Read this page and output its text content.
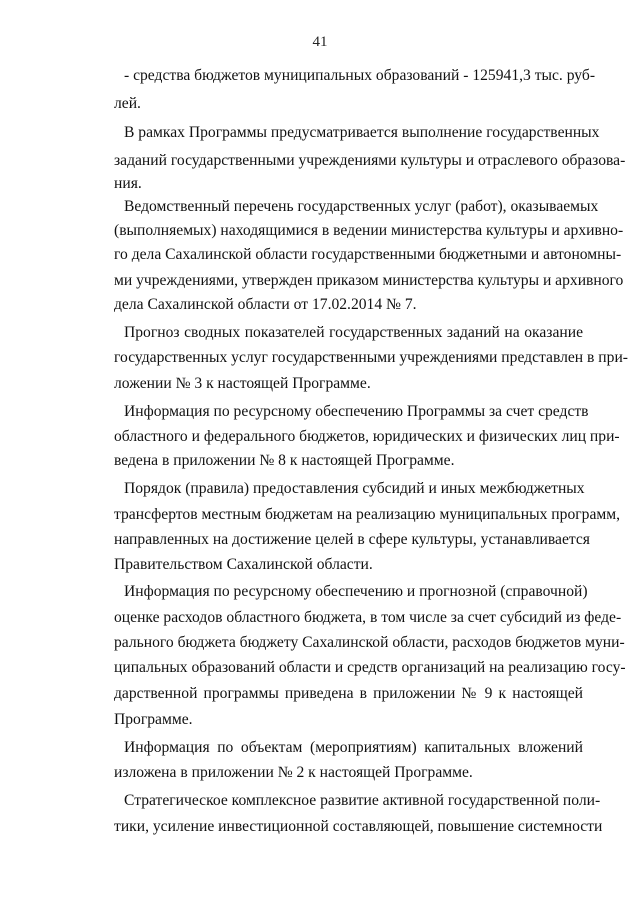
41
- средства бюджетов муниципальных образований - 125941,3 тыс. руб-
лей.
В рамках Программы предусматривается выполнение государственных
заданий государственными учреждениями культуры и отраслевого образова-
ния.
Ведомственный перечень государственных услуг (работ), оказываемых
(выполняемых) находящимися в ведении министерства культуры и архивно-
го дела Сахалинской области государственными бюджетными и автономны-
ми учреждениями, утвержден приказом министерства культуры и архивного
дела Сахалинской области от 17.02.2014 № 7.
Прогноз сводных показателей государственных заданий на оказание
государственных услуг государственными учреждениями представлен в при-
ложении № 3 к настоящей Программе.
Информация по ресурсному обеспечению Программы за счет средств
областного и федерального бюджетов, юридических и физических лиц при-
ведена в приложении № 8 к настоящей Программе.
Порядок (правила) предоставления субсидий и иных межбюджетных
трансфертов местным бюджетам на реализацию муниципальных программ,
направленных на достижение целей в сфере культуры, устанавливается
Правительством Сахалинской области.
Информация по ресурсному обеспечению и прогнозной (справочной)
оценке расходов областного бюджета, в том числе за счет субсидий из феде-
рального бюджета бюджету Сахалинской области, расходов бюджетов муни-
ципальных образований области и средств организаций на реализацию госу-
дарственной программы приведена в приложении № 9 к настоящей
Программе.
Информация по объектам (мероприятиям) капитальных вложений
изложена в приложении № 2 к настоящей Программе.
Стратегическое комплексное развитие активной государственной поли-
тики, усиление инвестиционной составляющей, повышение системности
